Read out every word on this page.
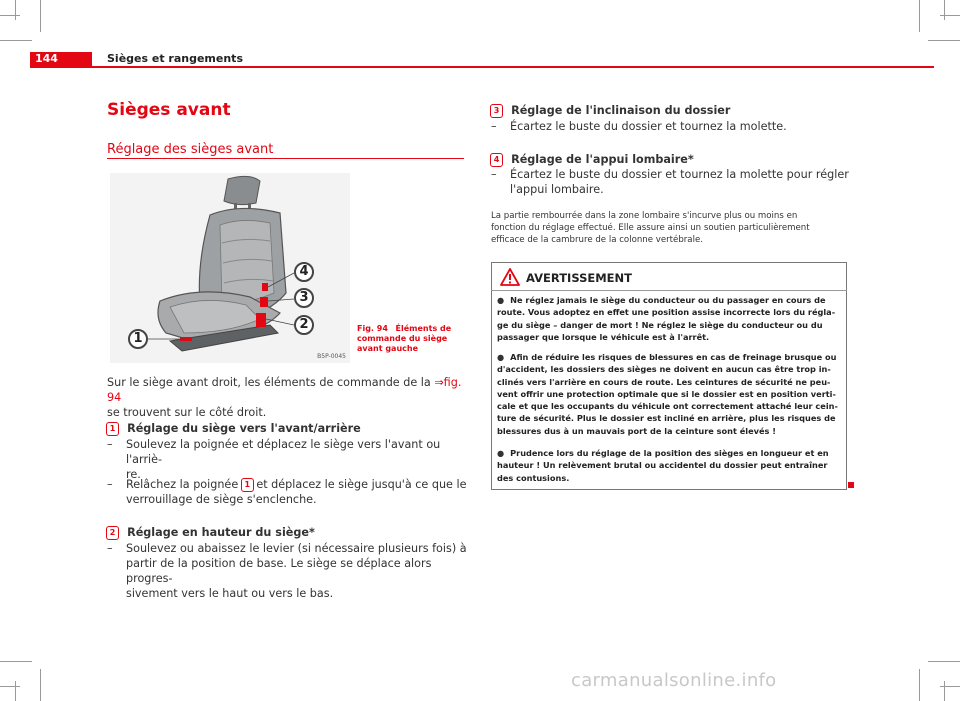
144	Sièges et rangements
Sièges avant
Réglage des sièges avant
4
3
2
1
B5P-0045
Fig. 94 Éléments de
commande du siège
avant gauche
Sur le siège avant droit, les éléments de commande de la ⇒fig. 94
se trouvent sur le côté droit.
1 Réglage du siège vers l'avant/arrière
– Soulevez la poignée et déplacez le siège vers l'avant ou l'arriè-
re.
– Relâchez la poignée 1 et déplacez le siège jusqu'à ce que le
verrouillage de siège s'enclenche.
2 Réglage en hauteur du siège*
– Soulevez ou abaissez le levier (si nécessaire plusieurs fois) à
partir de la position de base. Le siège se déplace alors progres-
sivement vers le haut ou vers le bas.
3 Réglage de l'inclinaison du dossier
– Écartez le buste du dossier et tournez la molette.
4 Réglage de l'appui lombaire*
– Écartez le buste du dossier et tournez la molette pour régler
l'appui lombaire.
La partie rembourrée dans la zone lombaire s'incurve plus ou moins en
fonction du réglage effectué. Elle assure ainsi un soutien particulièrement
efficace de la cambrure de la colonne vertébrale.
AVERTISSEMENT
● Ne réglez jamais le siège du conducteur ou du passager en cours de
route. Vous adoptez en effet une position assise incorrecte lors du régla-
ge du siège – danger de mort ! Ne réglez le siège du conducteur ou du
passager que lorsque le véhicule est à l'arrêt.
● Afin de réduire les risques de blessures en cas de freinage brusque ou
d'accident, les dossiers des sièges ne doivent en aucun cas être trop in-
clinés vers l'arrière en cours de route. Les ceintures de sécurité ne peu-
vent offrir une protection optimale que si le dossier est en position verti-
cale et que les occupants du véhicule ont correctement attaché leur cein-
ture de sécurité. Plus le dossier est incliné en arrière, plus les risques de
blessures dus à un mauvais port de la ceinture sont élevés !
● Prudence lors du réglage de la position des sièges en longueur et en
hauteur ! Un relèvement brutal ou accidentel du dossier peut entraîner
des contusions.
carmanualsonline.info
